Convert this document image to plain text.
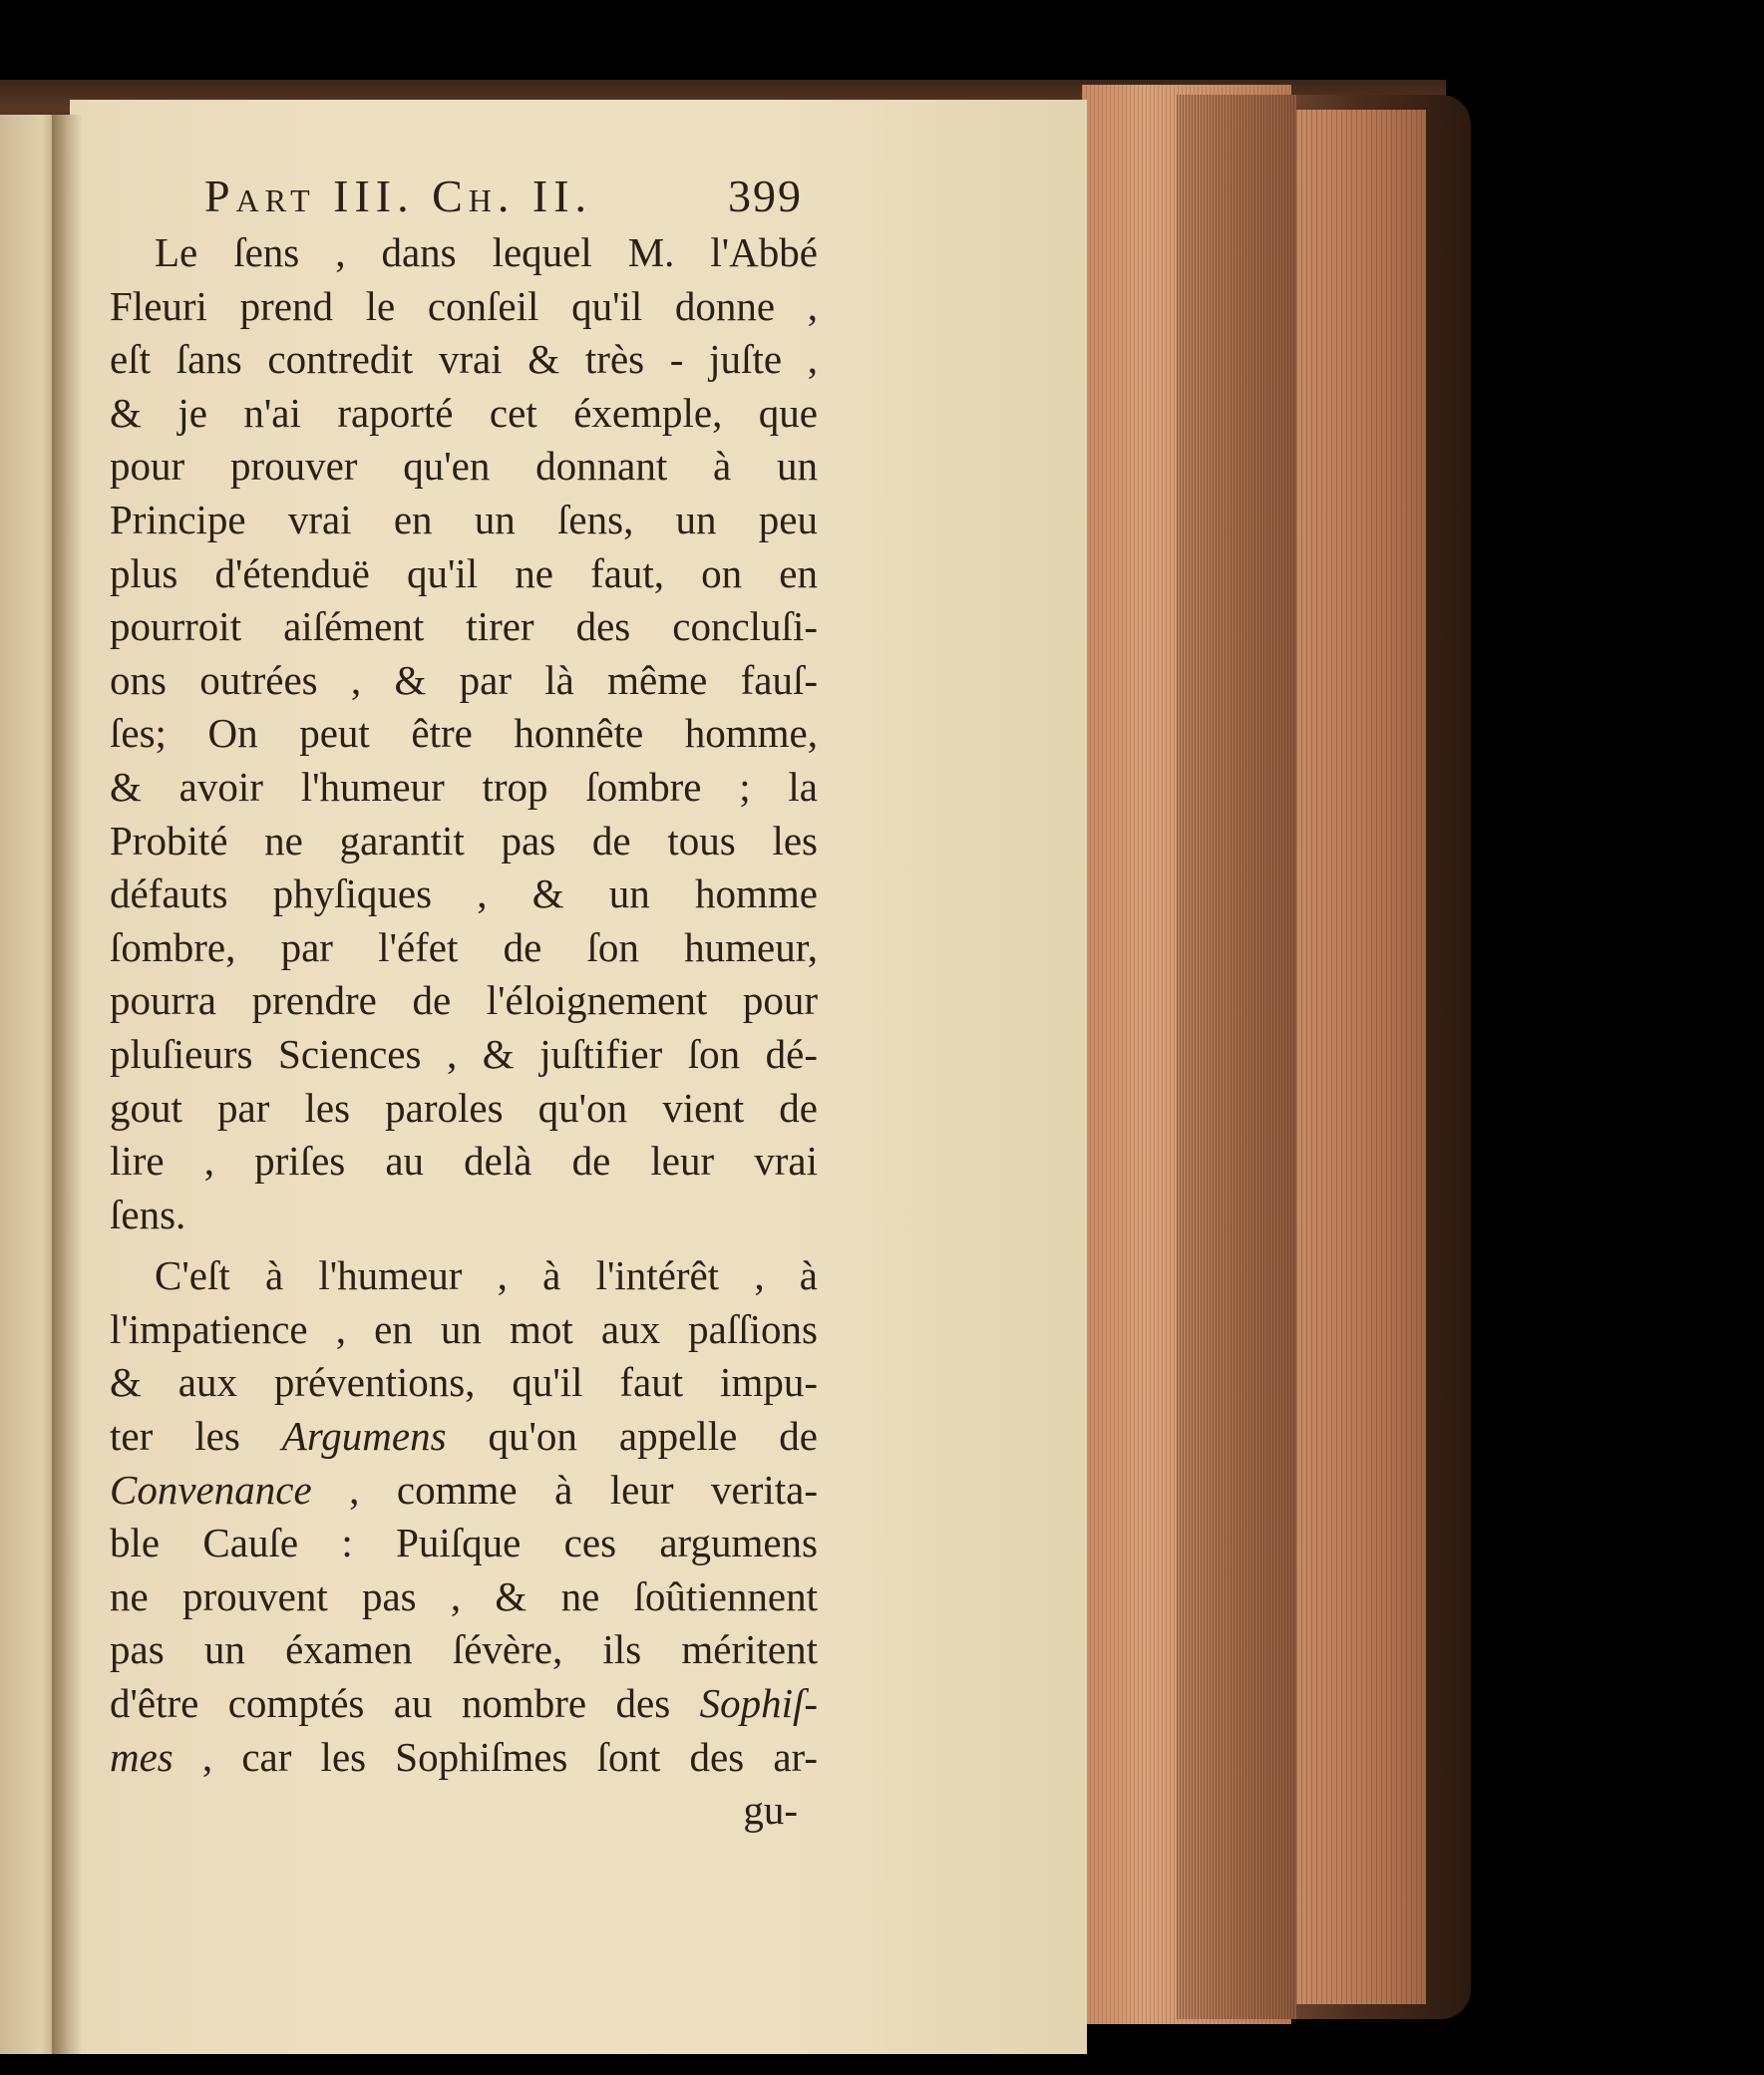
Part III. Ch. II.	399
Le ſens , dans lequel M. l'Abbé
Fleuri prend le conſeil qu'il donne ,
eſt ſans contredit vrai & très - juſte ,
& je n'ai raporté cet éxemple, que
pour prouver qu'en donnant à un
Principe vrai en un ſens, un peu
plus d'étenduë qu'il ne faut, on en
pourroit aiſément tirer des concluſi-
ons outrées , & par là même fauſ-
ſes; On peut être honnête homme,
& avoir l'humeur trop ſombre ; la
Probité ne garantit pas de tous les
défauts phyſiques , & un homme
ſombre, par l'éfet de ſon humeur,
pourra prendre de l'éloignement pour
pluſieurs Sciences , & juſtifier ſon dé-
gout par les paroles qu'on vient de
lire , priſes au delà de leur vrai
ſens.
C'eſt à l'humeur , à l'intérêt , à
l'impatience , en un mot aux paſſions
& aux préventions, qu'il faut impu-
ter les Argumens qu'on appelle de
Convenance , comme à leur verita-
ble Cauſe : Puiſque ces argumens
ne prouvent pas , & ne ſoûtiennent
pas un éxamen ſévère, ils méritent
d'être comptés au nombre des Sophiſ-
mes , car les Sophiſmes ſont des ar-
gu-
